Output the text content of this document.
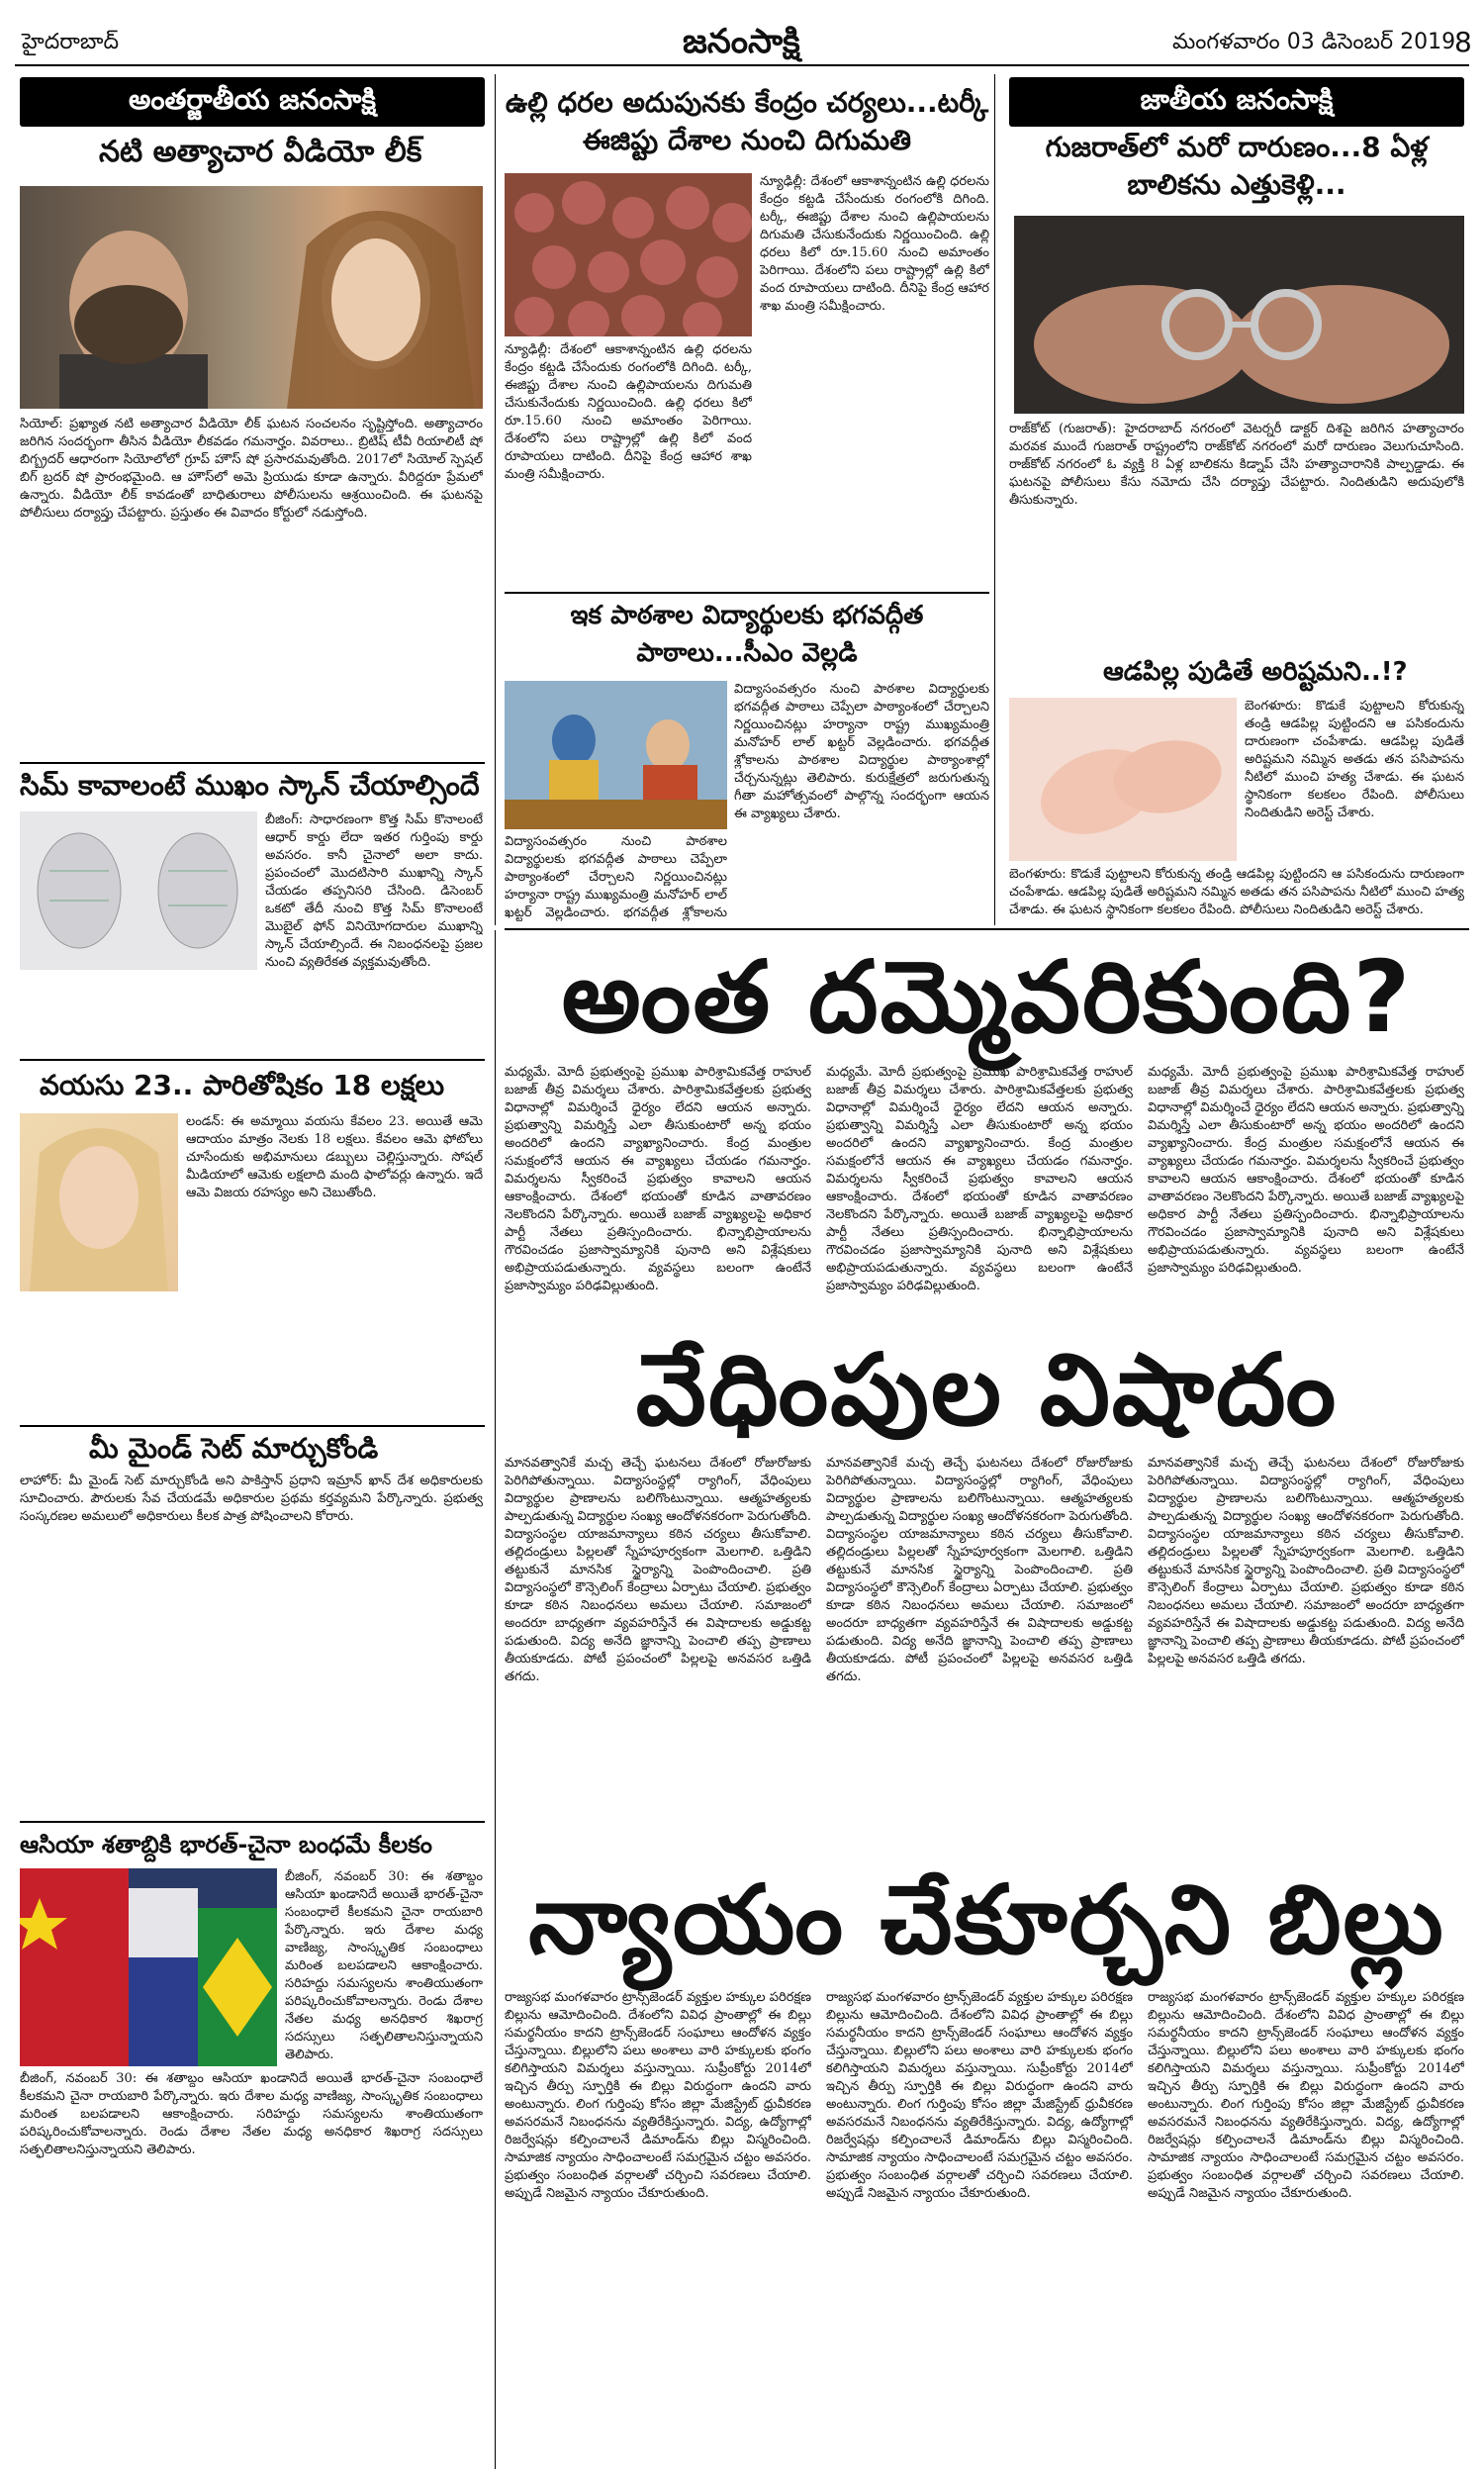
హైదరాబాద్	జనంసాక్షి	మంగళవారం 03 డిసెంబర్ 2019
8
అంతర్జాతీయ జనంసాక్షి
నటి అత్యాచార వీడియో లీక్
సియోల్: ప్రఖ్యాత నటి అత్యాచార వీడియో లీక్ ఘటన సంచలనం సృష్టిస్తోంది. అత్యాచారం జరిగిన సందర్భంగా తీసిన వీడియో లీకవడం గమనార్హం. వివరాలు.. బ్రిటిష్ టీవీ రియాలిటీ షో బిగ్బ్రదర్ ఆధారంగా సియోలోలో గ్రూప్ హౌస్ షో ప్రసారమవుతోంది. 2017లో సియోల్ స్పెషల్ బిగ్ బ్రదర్ షో ప్రారంభమైంది. ఆ హౌస్‌లో అమె ప్రియుడు కూడా ఉన్నారు. వీరిద్దరూ ప్రేమలో ఉన్నారు. వీడియో లీక్ కావడంతో బాధితురాలు పోలీసులను ఆశ్రయించింది. ఈ ఘటనపై పోలీసులు దర్యాప్తు చేపట్టారు. ప్రస్తుతం ఈ వివాదం కోర్టులో నడుస్తోంది.
సిమ్ కావాలంటే ముఖం స్కాన్ చేయాల్సిందే
బీజింగ్: సాధారణంగా కొత్త సిమ్ కొనాలంటే ఆధార్ కార్డు లేదా ఇతర గుర్తింపు కార్డు అవసరం. కానీ చైనాలో అలా కాదు. ప్రపంచంలో మొదటిసారి ముఖాన్ని స్కాన్ చేయడం తప్పనిసరి చేసింది. డిసెంబర్ ఒకటో తేదీ నుంచి కొత్త సిమ్ కొనాలంటే మొబైల్ ఫోన్ వినియోగదారుల ముఖాన్ని స్కాన్ చేయాల్సిందే. ఈ నిబంధనలపై ప్రజల నుంచి వ్యతిరేకత వ్యక్తమవుతోంది.
వయసు 23.. పారితోషికం 18 లక్షలు
లండన్: ఈ అమ్మాయి వయసు కేవలం 23. అయితే ఆమె ఆదాయం మాత్రం నెలకు 18 లక్షలు. కేవలం ఆమె ఫోటోలు చూసేందుకు అభిమానులు డబ్బులు చెల్లిస్తున్నారు. సోషల్ మీడియాలో ఆమెకు లక్షలాది మంది ఫాలోవర్లు ఉన్నారు. ఇదే ఆమె విజయ రహస్యం అని చెబుతోంది.
మీ మైండ్ సెట్ మార్చుకోండి
లాహోర్: మీ మైండ్ సెట్ మార్చుకోండి అని పాకిస్తాన్ ప్రధాని ఇమ్రాన్ ఖాన్ దేశ అధికారులకు సూచించారు. పౌరులకు సేవ చేయడమే అధికారుల ప్రథమ కర్తవ్యమని పేర్కొన్నారు. ప్రభుత్వ సంస్కరణల అమలులో అధికారులు కీలక పాత్ర పోషించాలని కోరారు.
ఆసియా శతాబ్దికి భారత్-చైనా బంధమే కీలకం
బీజింగ్, నవంబర్ 30: ఈ శతాబ్దం ఆసియా ఖండానిదే అయితే భారత్-చైనా సంబంధాలే కీలకమని చైనా రాయబారి పేర్కొన్నారు. ఇరు దేశాల మధ్య వాణిజ్య, సాంస్కృతిక సంబంధాలు మరింత బలపడాలని ఆకాంక్షించారు. సరిహద్దు సమస్యలను శాంతియుతంగా పరిష్కరించుకోవాలన్నారు. రెండు దేశాల నేతల మధ్య అనధికార శిఖరాగ్ర సదస్సులు సత్ఫలితాలనిస్తున్నాయని తెలిపారు.
బీజింగ్, నవంబర్ 30: ఈ శతాబ్దం ఆసియా ఖండానిదే అయితే భారత్-చైనా సంబంధాలే కీలకమని చైనా రాయబారి పేర్కొన్నారు. ఇరు దేశాల మధ్య వాణిజ్య, సాంస్కృతిక సంబంధాలు మరింత బలపడాలని ఆకాంక్షించారు. సరిహద్దు సమస్యలను శాంతియుతంగా పరిష్కరించుకోవాలన్నారు. రెండు దేశాల నేతల మధ్య అనధికార శిఖరాగ్ర సదస్సులు సత్ఫలితాలనిస్తున్నాయని తెలిపారు.
ఉల్లి ధరల అదుపునకు కేంద్రం చర్యలు...టర్కీ ఈజిప్టు దేశాల నుంచి దిగుమతి
న్యూఢిల్లీ: దేశంలో ఆకాశాన్నంటిన ఉల్లి ధరలను కేంద్రం కట్టడి చేసేందుకు రంగంలోకి దిగింది. టర్కీ, ఈజిప్టు దేశాల నుంచి ఉల్లిపాయలను దిగుమతి చేసుకునేందుకు నిర్ణయించింది. ఉల్లి ధరలు కిలో రూ.15.60 నుంచి అమాంతం పెరిగాయి. దేశంలోని పలు రాష్ట్రాల్లో ఉల్లి కిలో వంద రూపాయలు దాటింది. దీనిపై కేంద్ర ఆహార శాఖ మంత్రి సమీక్షించారు.
న్యూఢిల్లీ: దేశంలో ఆకాశాన్నంటిన ఉల్లి ధరలను కేంద్రం కట్టడి చేసేందుకు రంగంలోకి దిగింది. టర్కీ, ఈజిప్టు దేశాల నుంచి ఉల్లిపాయలను దిగుమతి చేసుకునేందుకు నిర్ణయించింది. ఉల్లి ధరలు కిలో రూ.15.60 నుంచి అమాంతం పెరిగాయి. దేశంలోని పలు రాష్ట్రాల్లో ఉల్లి కిలో వంద రూపాయలు దాటింది. దీనిపై కేంద్ర ఆహార శాఖ మంత్రి సమీక్షించారు.
ఇక పాఠశాల విద్యార్థులకు భగవద్గీత పాఠాలు...సీఎం వెల్లడి
విద్యాసంవత్సరం నుంచి పాఠశాల విద్యార్థులకు భగవద్గీత పాఠాలు చెప్పేలా పాఠ్యాంశంలో చేర్చాలని నిర్ణయించినట్లు హర్యానా రాష్ట్ర ముఖ్యమంత్రి మనోహర్ లాల్ ఖట్టర్ వెల్లడించారు. భగవద్గీత శ్లోకాలను పాఠశాల విద్యార్థుల పాఠ్యాంశాల్లో చేర్చనున్నట్లు తెలిపారు. కురుక్షేత్రలో జరుగుతున్న గీతా మహోత్సవంలో పాల్గొన్న సందర్భంగా ఆయన ఈ వ్యాఖ్యలు చేశారు.
విద్యాసంవత్సరం నుంచి పాఠశాల విద్యార్థులకు భగవద్గీత పాఠాలు చెప్పేలా పాఠ్యాంశంలో చేర్చాలని నిర్ణయించినట్లు హర్యానా రాష్ట్ర ముఖ్యమంత్రి మనోహర్ లాల్ ఖట్టర్ వెల్లడించారు. భగవద్గీత శ్లోకాలను
జాతీయ జనంసాక్షి
గుజరాత్‌లో మరో దారుణం...8 ఏళ్ల బాలికను ఎత్తుకెళ్లి...
రాజ్‌కోట్ (గుజరాత్): హైదరాబాద్ నగరంలో వెటర్నరీ డాక్టర్ దిశపై జరిగిన హత్యాచారం మరవక ముందే గుజరాత్ రాష్ట్రంలోని రాజ్‌కోట్ నగరంలో మరో దారుణం వెలుగుచూసింది. రాజ్‌కోట్ నగరంలో ఓ వ్యక్తి 8 ఏళ్ల బాలికను కిడ్నాప్ చేసి హత్యాచారానికి పాల్పడ్డాడు. ఈ ఘటనపై పోలీసులు కేసు నమోదు చేసి దర్యాప్తు చేపట్టారు. నిందితుడిని అదుపులోకి తీసుకున్నారు.
ఆడపిల్ల పుడితే అరిష్టమని..!?
బెంగళూరు: కొడుకే పుట్టాలని కోరుకున్న తండ్రి ఆడపిల్ల పుట్టిందని ఆ పసికందును దారుణంగా చంపేశాడు. ఆడపిల్ల పుడితే అరిష్టమని నమ్మిన అతడు తన పసిపాపను నీటిలో ముంచి హత్య చేశాడు. ఈ ఘటన స్థానికంగా కలకలం రేపింది. పోలీసులు నిందితుడిని అరెస్ట్ చేశారు.
బెంగళూరు: కొడుకే పుట్టాలని కోరుకున్న తండ్రి ఆడపిల్ల పుట్టిందని ఆ పసికందును దారుణంగా చంపేశాడు. ఆడపిల్ల పుడితే అరిష్టమని నమ్మిన అతడు తన పసిపాపను నీటిలో ముంచి హత్య చేశాడు. ఈ ఘటన స్థానికంగా కలకలం రేపింది. పోలీసులు నిందితుడిని అరెస్ట్ చేశారు.
అంత దమ్మెవరికుంది?
మధ్యమే. మోదీ ప్రభుత్వంపై ప్రముఖ పారిశ్రామికవేత్త రాహుల్ బజాజ్ తీవ్ర విమర్శలు చేశారు. పారిశ్రామికవేత్తలకు ప్రభుత్వ విధానాల్లో విమర్శించే ధైర్యం లేదని ఆయన అన్నారు. ప్రభుత్వాన్ని విమర్శిస్తే ఎలా తీసుకుంటారో అన్న భయం అందరిలో ఉందని వ్యాఖ్యానించారు. కేంద్ర మంత్రుల సమక్షంలోనే ఆయన ఈ వ్యాఖ్యలు చేయడం గమనార్హం. విమర్శలను స్వీకరించే ప్రభుత్వం కావాలని ఆయన ఆకాంక్షించారు. దేశంలో భయంతో కూడిన వాతావరణం నెలకొందని పేర్కొన్నారు. అయితే బజాజ్ వ్యాఖ్యలపై అధికార పార్టీ నేతలు ప్రతిస్పందించారు. భిన్నాభిప్రాయాలను గౌరవించడం ప్రజాస్వామ్యానికి పునాది అని విశ్లేషకులు అభిప్రాయపడుతున్నారు. వ్యవస్థలు బలంగా ఉంటేనే ప్రజాస్వామ్యం పరిఢవిల్లుతుంది.
మధ్యమే. మోదీ ప్రభుత్వంపై ప్రముఖ పారిశ్రామికవేత్త రాహుల్ బజాజ్ తీవ్ర విమర్శలు చేశారు. పారిశ్రామికవేత్తలకు ప్రభుత్వ విధానాల్లో విమర్శించే ధైర్యం లేదని ఆయన అన్నారు. ప్రభుత్వాన్ని విమర్శిస్తే ఎలా తీసుకుంటారో అన్న భయం అందరిలో ఉందని వ్యాఖ్యానించారు. కేంద్ర మంత్రుల సమక్షంలోనే ఆయన ఈ వ్యాఖ్యలు చేయడం గమనార్హం. విమర్శలను స్వీకరించే ప్రభుత్వం కావాలని ఆయన ఆకాంక్షించారు. దేశంలో భయంతో కూడిన వాతావరణం నెలకొందని పేర్కొన్నారు. అయితే బజాజ్ వ్యాఖ్యలపై అధికార పార్టీ నేతలు ప్రతిస్పందించారు. భిన్నాభిప్రాయాలను గౌరవించడం ప్రజాస్వామ్యానికి పునాది అని విశ్లేషకులు అభిప్రాయపడుతున్నారు. వ్యవస్థలు బలంగా ఉంటేనే ప్రజాస్వామ్యం పరిఢవిల్లుతుంది.
మధ్యమే. మోదీ ప్రభుత్వంపై ప్రముఖ పారిశ్రామికవేత్త రాహుల్ బజాజ్ తీవ్ర విమర్శలు చేశారు. పారిశ్రామికవేత్తలకు ప్రభుత్వ విధానాల్లో విమర్శించే ధైర్యం లేదని ఆయన అన్నారు. ప్రభుత్వాన్ని విమర్శిస్తే ఎలా తీసుకుంటారో అన్న భయం అందరిలో ఉందని వ్యాఖ్యానించారు. కేంద్ర మంత్రుల సమక్షంలోనే ఆయన ఈ వ్యాఖ్యలు చేయడం గమనార్హం. విమర్శలను స్వీకరించే ప్రభుత్వం కావాలని ఆయన ఆకాంక్షించారు. దేశంలో భయంతో కూడిన వాతావరణం నెలకొందని పేర్కొన్నారు. అయితే బజాజ్ వ్యాఖ్యలపై అధికార పార్టీ నేతలు ప్రతిస్పందించారు. భిన్నాభిప్రాయాలను గౌరవించడం ప్రజాస్వామ్యానికి పునాది అని విశ్లేషకులు అభిప్రాయపడుతున్నారు. వ్యవస్థలు బలంగా ఉంటేనే ప్రజాస్వామ్యం పరిఢవిల్లుతుంది.
వేధింపుల విషాదం
మానవత్వానికే మచ్చ తెచ్చే ఘటనలు దేశంలో రోజురోజుకు పెరిగిపోతున్నాయి. విద్యాసంస్థల్లో ర్యాగింగ్, వేధింపులు విద్యార్థుల ప్రాణాలను బలిగొంటున్నాయి. ఆత్మహత్యలకు పాల్పడుతున్న విద్యార్థుల సంఖ్య ఆందోళనకరంగా పెరుగుతోంది. విద్యాసంస్థల యాజమాన్యాలు కఠిన చర్యలు తీసుకోవాలి. తల్లిదండ్రులు పిల్లలతో స్నేహపూర్వకంగా మెలగాలి. ఒత్తిడిని తట్టుకునే మానసిక స్థైర్యాన్ని పెంపొందించాలి. ప్రతి విద్యాసంస్థలో కౌన్సెలింగ్ కేంద్రాలు ఏర్పాటు చేయాలి. ప్రభుత్వం కూడా కఠిన నిబంధనలు అమలు చేయాలి. సమాజంలో అందరూ బాధ్యతగా వ్యవహరిస్తేనే ఈ విషాదాలకు అడ్డుకట్ట పడుతుంది. విద్య అనేది జ్ఞానాన్ని పెంచాలి తప్ప ప్రాణాలు తీయకూడదు. పోటీ ప్రపంచంలో పిల్లలపై అనవసర ఒత్తిడి తగదు.
మానవత్వానికే మచ్చ తెచ్చే ఘటనలు దేశంలో రోజురోజుకు పెరిగిపోతున్నాయి. విద్యాసంస్థల్లో ర్యాగింగ్, వేధింపులు విద్యార్థుల ప్రాణాలను బలిగొంటున్నాయి. ఆత్మహత్యలకు పాల్పడుతున్న విద్యార్థుల సంఖ్య ఆందోళనకరంగా పెరుగుతోంది. విద్యాసంస్థల యాజమాన్యాలు కఠిన చర్యలు తీసుకోవాలి. తల్లిదండ్రులు పిల్లలతో స్నేహపూర్వకంగా మెలగాలి. ఒత్తిడిని తట్టుకునే మానసిక స్థైర్యాన్ని పెంపొందించాలి. ప్రతి విద్యాసంస్థలో కౌన్సెలింగ్ కేంద్రాలు ఏర్పాటు చేయాలి. ప్రభుత్వం కూడా కఠిన నిబంధనలు అమలు చేయాలి. సమాజంలో అందరూ బాధ్యతగా వ్యవహరిస్తేనే ఈ విషాదాలకు అడ్డుకట్ట పడుతుంది. విద్య అనేది జ్ఞానాన్ని పెంచాలి తప్ప ప్రాణాలు తీయకూడదు. పోటీ ప్రపంచంలో పిల్లలపై అనవసర ఒత్తిడి తగదు.
మానవత్వానికే మచ్చ తెచ్చే ఘటనలు దేశంలో రోజురోజుకు పెరిగిపోతున్నాయి. విద్యాసంస్థల్లో ర్యాగింగ్, వేధింపులు విద్యార్థుల ప్రాణాలను బలిగొంటున్నాయి. ఆత్మహత్యలకు పాల్పడుతున్న విద్యార్థుల సంఖ్య ఆందోళనకరంగా పెరుగుతోంది. విద్యాసంస్థల యాజమాన్యాలు కఠిన చర్యలు తీసుకోవాలి. తల్లిదండ్రులు పిల్లలతో స్నేహపూర్వకంగా మెలగాలి. ఒత్తిడిని తట్టుకునే మానసిక స్థైర్యాన్ని పెంపొందించాలి. ప్రతి విద్యాసంస్థలో కౌన్సెలింగ్ కేంద్రాలు ఏర్పాటు చేయాలి. ప్రభుత్వం కూడా కఠిన నిబంధనలు అమలు చేయాలి. సమాజంలో అందరూ బాధ్యతగా వ్యవహరిస్తేనే ఈ విషాదాలకు అడ్డుకట్ట పడుతుంది. విద్య అనేది జ్ఞానాన్ని పెంచాలి తప్ప ప్రాణాలు తీయకూడదు. పోటీ ప్రపంచంలో పిల్లలపై అనవసర ఒత్తిడి తగదు.
న్యాయం చేకూర్చని బిల్లు
రాజ్యసభ మంగళవారం ట్రాన్స్‌జెండర్ వ్యక్తుల హక్కుల పరిరక్షణ బిల్లును ఆమోదించింది. దేశంలోని వివిధ ప్రాంతాల్లో ఈ బిల్లు సమర్థనీయం కాదని ట్రాన్స్‌జెండర్ సంఘాలు ఆందోళన వ్యక్తం చేస్తున్నాయి. బిల్లులోని పలు అంశాలు వారి హక్కులకు భంగం కలిగిస్తాయని విమర్శలు వస్తున్నాయి. సుప్రీంకోర్టు 2014లో ఇచ్చిన తీర్పు స్ఫూర్తికి ఈ బిల్లు విరుద్ధంగా ఉందని వారు అంటున్నారు. లింగ గుర్తింపు కోసం జిల్లా మేజిస్ట్రేట్ ధ్రువీకరణ అవసరమనే నిబంధనను వ్యతిరేకిస్తున్నారు. విద్య, ఉద్యోగాల్లో రిజర్వేషన్లు కల్పించాలనే డిమాండ్‌ను బిల్లు విస్మరించింది. సామాజిక న్యాయం సాధించాలంటే సమగ్రమైన చట్టం అవసరం. ప్రభుత్వం సంబంధిత వర్గాలతో చర్చించి సవరణలు చేయాలి. అప్పుడే నిజమైన న్యాయం చేకూరుతుంది.
రాజ్యసభ మంగళవారం ట్రాన్స్‌జెండర్ వ్యక్తుల హక్కుల పరిరక్షణ బిల్లును ఆమోదించింది. దేశంలోని వివిధ ప్రాంతాల్లో ఈ బిల్లు సమర్థనీయం కాదని ట్రాన్స్‌జెండర్ సంఘాలు ఆందోళన వ్యక్తం చేస్తున్నాయి. బిల్లులోని పలు అంశాలు వారి హక్కులకు భంగం కలిగిస్తాయని విమర్శలు వస్తున్నాయి. సుప్రీంకోర్టు 2014లో ఇచ్చిన తీర్పు స్ఫూర్తికి ఈ బిల్లు విరుద్ధంగా ఉందని వారు అంటున్నారు. లింగ గుర్తింపు కోసం జిల్లా మేజిస్ట్రేట్ ధ్రువీకరణ అవసరమనే నిబంధనను వ్యతిరేకిస్తున్నారు. విద్య, ఉద్యోగాల్లో రిజర్వేషన్లు కల్పించాలనే డిమాండ్‌ను బిల్లు విస్మరించింది. సామాజిక న్యాయం సాధించాలంటే సమగ్రమైన చట్టం అవసరం. ప్రభుత్వం సంబంధిత వర్గాలతో చర్చించి సవరణలు చేయాలి. అప్పుడే నిజమైన న్యాయం చేకూరుతుంది.
రాజ్యసభ మంగళవారం ట్రాన్స్‌జెండర్ వ్యక్తుల హక్కుల పరిరక్షణ బిల్లును ఆమోదించింది. దేశంలోని వివిధ ప్రాంతాల్లో ఈ బిల్లు సమర్థనీయం కాదని ట్రాన్స్‌జెండర్ సంఘాలు ఆందోళన వ్యక్తం చేస్తున్నాయి. బిల్లులోని పలు అంశాలు వారి హక్కులకు భంగం కలిగిస్తాయని విమర్శలు వస్తున్నాయి. సుప్రీంకోర్టు 2014లో ఇచ్చిన తీర్పు స్ఫూర్తికి ఈ బిల్లు విరుద్ధంగా ఉందని వారు అంటున్నారు. లింగ గుర్తింపు కోసం జిల్లా మేజిస్ట్రేట్ ధ్రువీకరణ అవసరమనే నిబంధనను వ్యతిరేకిస్తున్నారు. విద్య, ఉద్యోగాల్లో రిజర్వేషన్లు కల్పించాలనే డిమాండ్‌ను బిల్లు విస్మరించింది. సామాజిక న్యాయం సాధించాలంటే సమగ్రమైన చట్టం అవసరం. ప్రభుత్వం సంబంధిత వర్గాలతో చర్చించి సవరణలు చేయాలి. అప్పుడే నిజమైన న్యాయం చేకూరుతుంది.
